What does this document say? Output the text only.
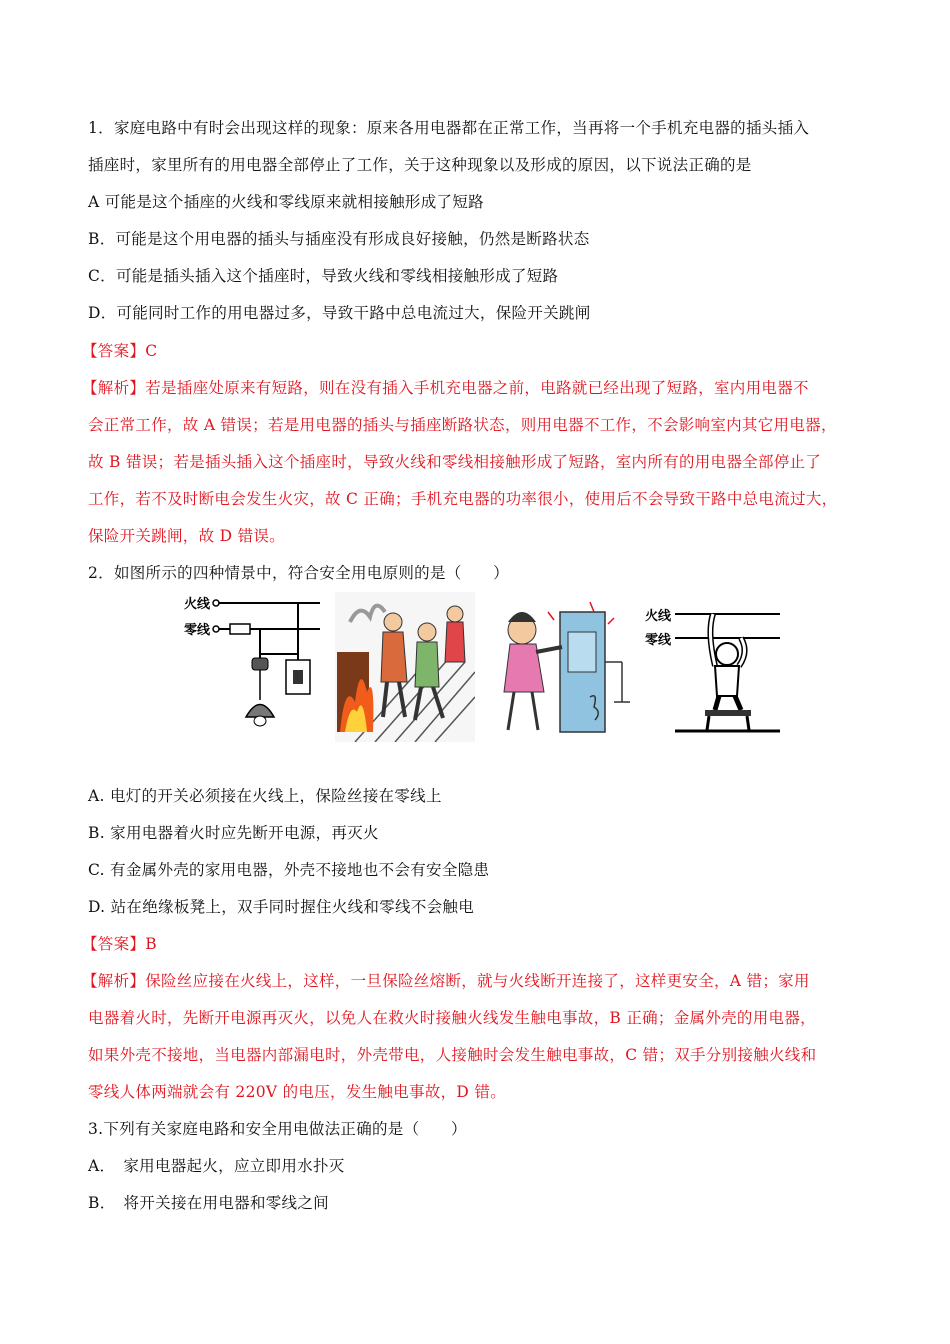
1．家庭电路中有时会出现这样的现象：原来各用电器都在正常工作，当再将一个手机充电器的插头插入
插座时，家里所有的用电器全部停止了工作，关于这种现象以及形成的原因，以下说法正确的是
A 可能是这个插座的火线和零线原来就相接触形成了短路
B．可能是这个用电器的插头与插座没有形成良好接触，仍然是断路状态
C．可能是插头插入这个插座时，导致火线和零线相接触形成了短路
D．可能同时工作的用电器过多，导致干路中总电流过大，保险开关跳闸
【答案】C
【解析】若是插座处原来有短路，则在没有插入手机充电器之前，电路就已经出现了短路，室内用电器不
会正常工作，故 A 错误；若是用电器的插头与插座断路状态，则用电器不工作，不会影响室内其它用电器，
故 B 错误；若是插头插入这个插座时，导致火线和零线相接触形成了短路，室内所有的用电器全部停止了
工作，若不及时断电会发生火灾，故 C 正确；手机充电器的功率很小，使用后不会导致干路中总电流过大，
保险开关跳闸，故 D 错误。
2．如图所示的四种情景中，符合安全用电原则的是（　　）
火线
零线
火线
零线
A. 电灯的开关必须接在火线上，保险丝接在零线上
B. 家用电器着火时应先断开电源，再灭火
C. 有金属外壳的家用电器，外壳不接地也不会有安全隐患
D. 站在绝缘板凳上，双手同时握住火线和零线不会触电
【答案】B
【解析】保险丝应接在火线上，这样，一旦保险丝熔断，就与火线断开连接了，这样更安全，A 错；家用
电器着火时，先断开电源再灭火，以免人在救火时接触火线发生触电事故，B 正确；金属外壳的用电器，
如果外壳不接地，当电器内部漏电时，外壳带电，人接触时会发生触电事故，C 错；双手分别接触火线和
零线人体两端就会有 220V 的电压，发生触电事故，D 错。
3.下列有关家庭电路和安全用电做法正确的是（　　）
A．　家用电器起火，应立即用水扑灭
B．　将开关接在用电器和零线之间
